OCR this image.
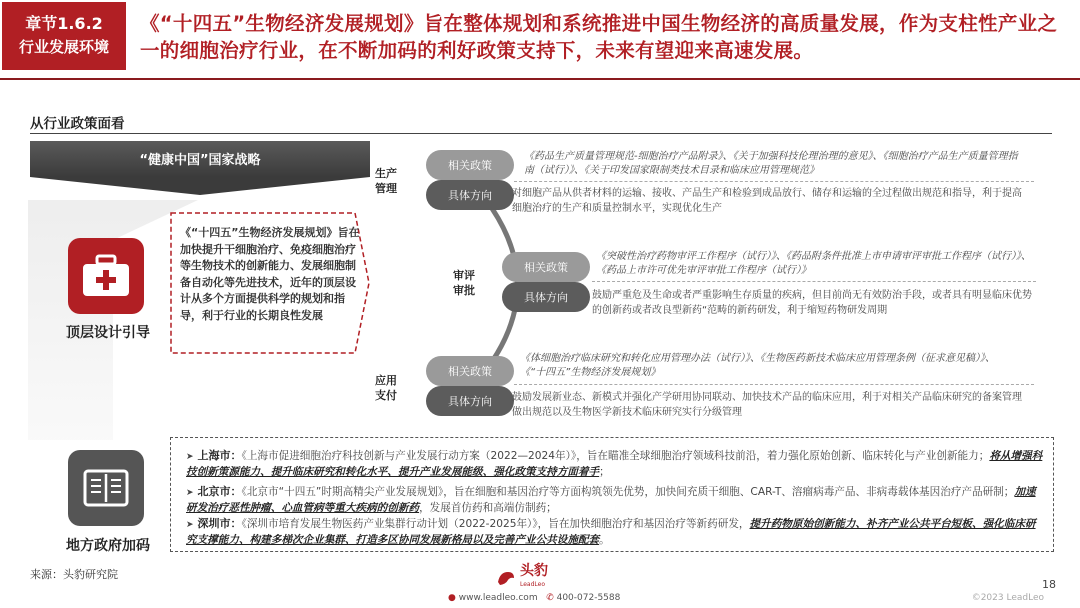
章节1.6.2
行业发展环境
《“十四五”生物经济发展规划》旨在整体规划和系统推进中国生物经济的高质量发展，作为支柱性产业之一的细胞治疗行业，在不断加码的利好政策支持下，未来有望迎来高速发展。
从行业政策面看
“健康中国”国家战略
顶层设计引导
《“十四五”生物经济发展规划》旨在加快提升干细胞治疗、免疫细胞治疗等生物技术的创新能力、发展细胞制备自动化等先进技术，近年的顶层设计从多个方面提供科学的规划和指导，利于行业的长期良性发展
生产管理
相关政策
具体方向
《药品生产质量管理规范-细胞治疗产品附录》、《关于加强科技伦理治理的意见》、《细胞治疗产品生产质量管理指南（试行）》、《关于印发国家限制类技术目录和临床应用管理规范》
对细胞产品从供者材料的运输、接收、产品生产和检验到成品放行、储存和运输的全过程做出规范和指导，利于提高细胞治疗的生产和质量控制水平，实现优化生产
审评审批
相关政策
具体方向
《突破性治疗药物审评工作程序（试行）》、《药品附条件批准上市申请审评审批工作程序（试行）》、《药品上市许可优先审评审批工作程序（试行）》
鼓励严重危及生命或者严重影响生存质量的疾病，但目前尚无有效防治手段，或者具有明显临床优势的创新药或者改良型新药“范畴的新药研发，利于缩短药物研发周期
应用支付
相关政策
具体方向
《体细胞治疗临床研究和转化应用管理办法（试行）》、《生物医药新技术临床应用管理条例（征求意见稿）》、《“十四五”生物经济发展规划》
鼓励发展新业态、新模式并强化产学研用协同联动、加快技术产品的临床应用，利于对相关产品临床研究的备案管理做出规范以及生物医学新技术临床研究实行分级管理
地方政府加码
➤ 上海市：《上海市促进细胞治疗科技创新与产业发展行动方案（2022—2024年）》，旨在瞄准全球细胞治疗领域科技前沿，着力强化原始创新、临床转化与产业创新能力；将从增强科技创新策源能力、提升临床研究和转化水平、提升产业发展能级、强化政策支持方面着手；
➤ 北京市：《北京市“十四五”时期高精尖产业发展规划》，旨在细胞和基因治疗等方面构筑领先优势，加快间充质干细胞、CAR-T、溶瘤病毒产品、非病毒载体基因治疗产品研制；加速研发治疗恶性肿瘤、心血管病等重大疾病的创新药，发展首仿药和高端仿制药；
➤ 深圳市：《深圳市培育发展生物医药产业集群行动计划（2022-2025年）》，旨在加快细胞治疗和基因治疗等新药研发，提升药物原始创新能力、补齐产业公共平台短板、强化临床研究支撑能力、构建多梯次企业集群、打造多区协同发展新格局以及完善产业公共设施配套。
来源：头豹研究院
18
头豹
LeadLeo
● www.leadleo.com ✆ 400-072-5588	©2023 LeadLeo
